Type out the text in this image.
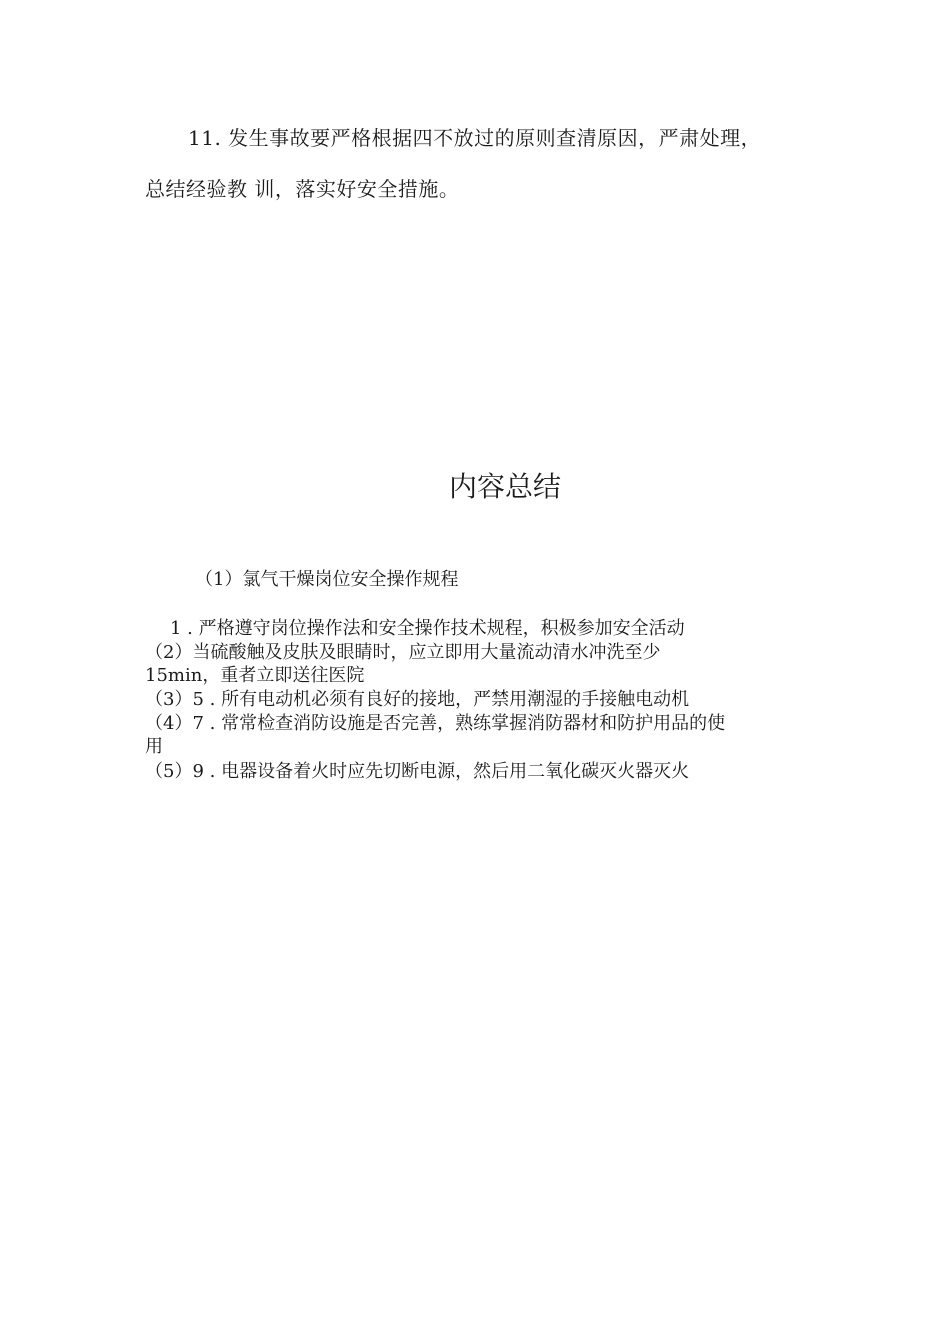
11. 发生事故要严格根据四不放过的原则查清原因，严肃处理，
总结经验教 训，落实好安全措施。
内容总结
（1）氯气干燥岗位安全操作规程
1 . 严格遵守岗位操作法和安全操作技术规程，积极参加安全活动
（2）当硫酸触及皮肤及眼睛时，应立即用大量流动清水冲洗至少
15min，重者立即送往医院
（3）5 . 所有电动机必须有良好的接地，严禁用潮湿的手接触电动机
（4）7 . 常常检查消防设施是否完善，熟练掌握消防器材和防护用品的使
用
（5）9 . 电器设备着火时应先切断电源，然后用二氧化碳灭火器灭火
